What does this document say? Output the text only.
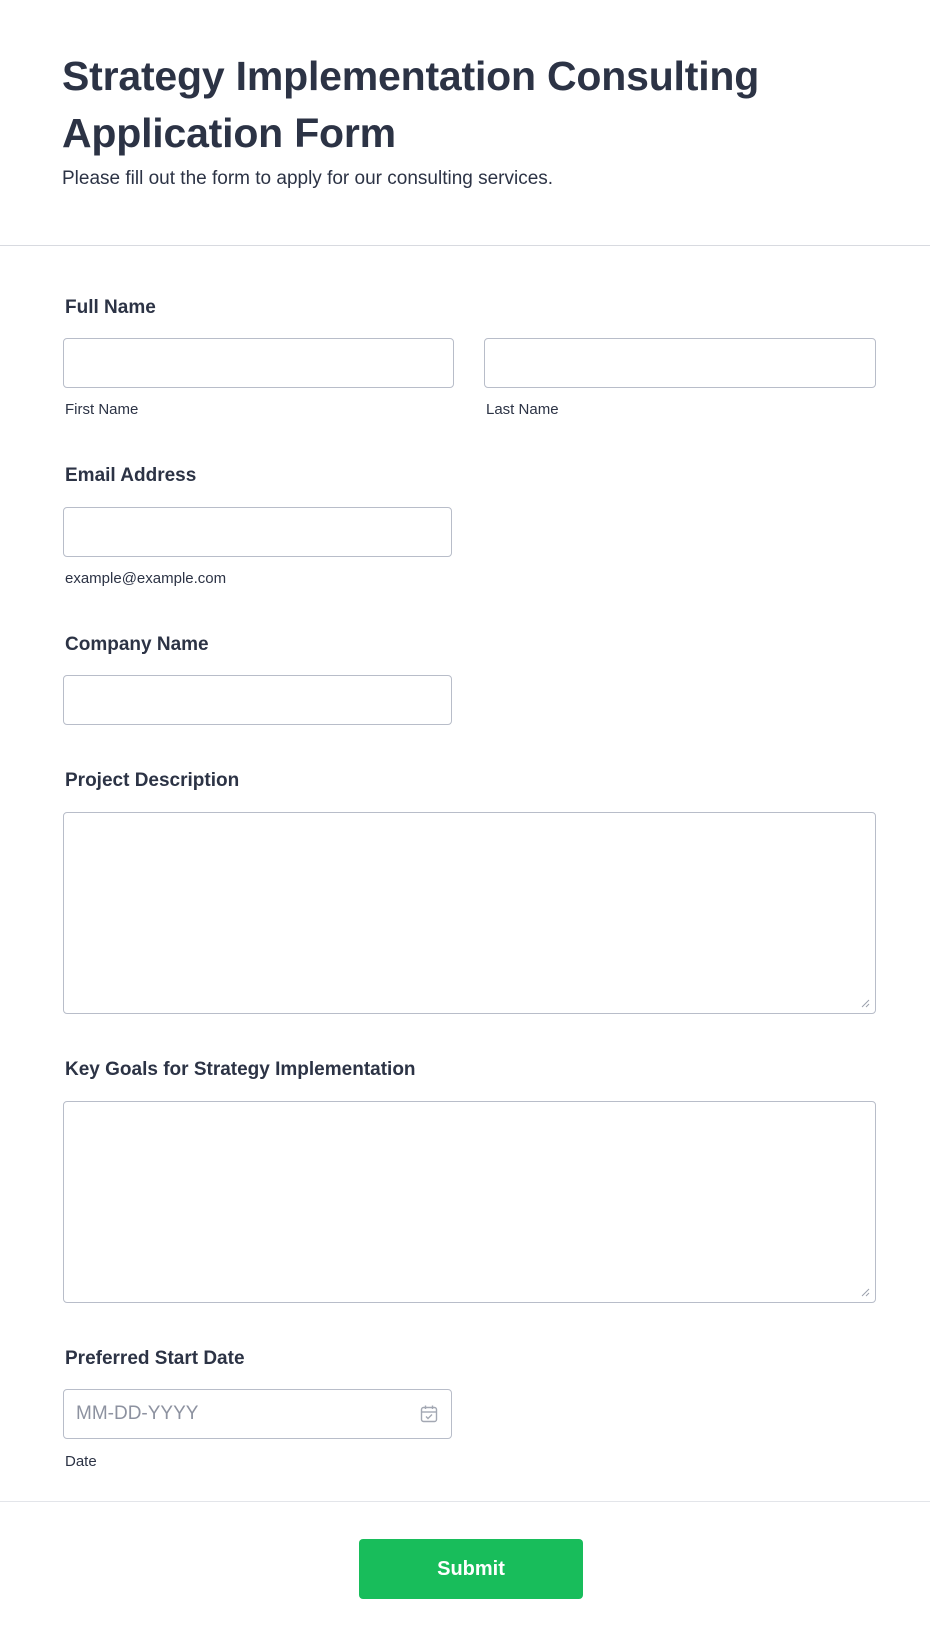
Strategy Implementation Consulting Application Form

Please fill out the form to apply for our consulting services.

Full Name
First Name	Last Name
Email Address
example@example.com
Company Name
Project Description
Key Goals for Strategy Implementation
Preferred Start Date
MM-DD-YYYY
Date
Submit
